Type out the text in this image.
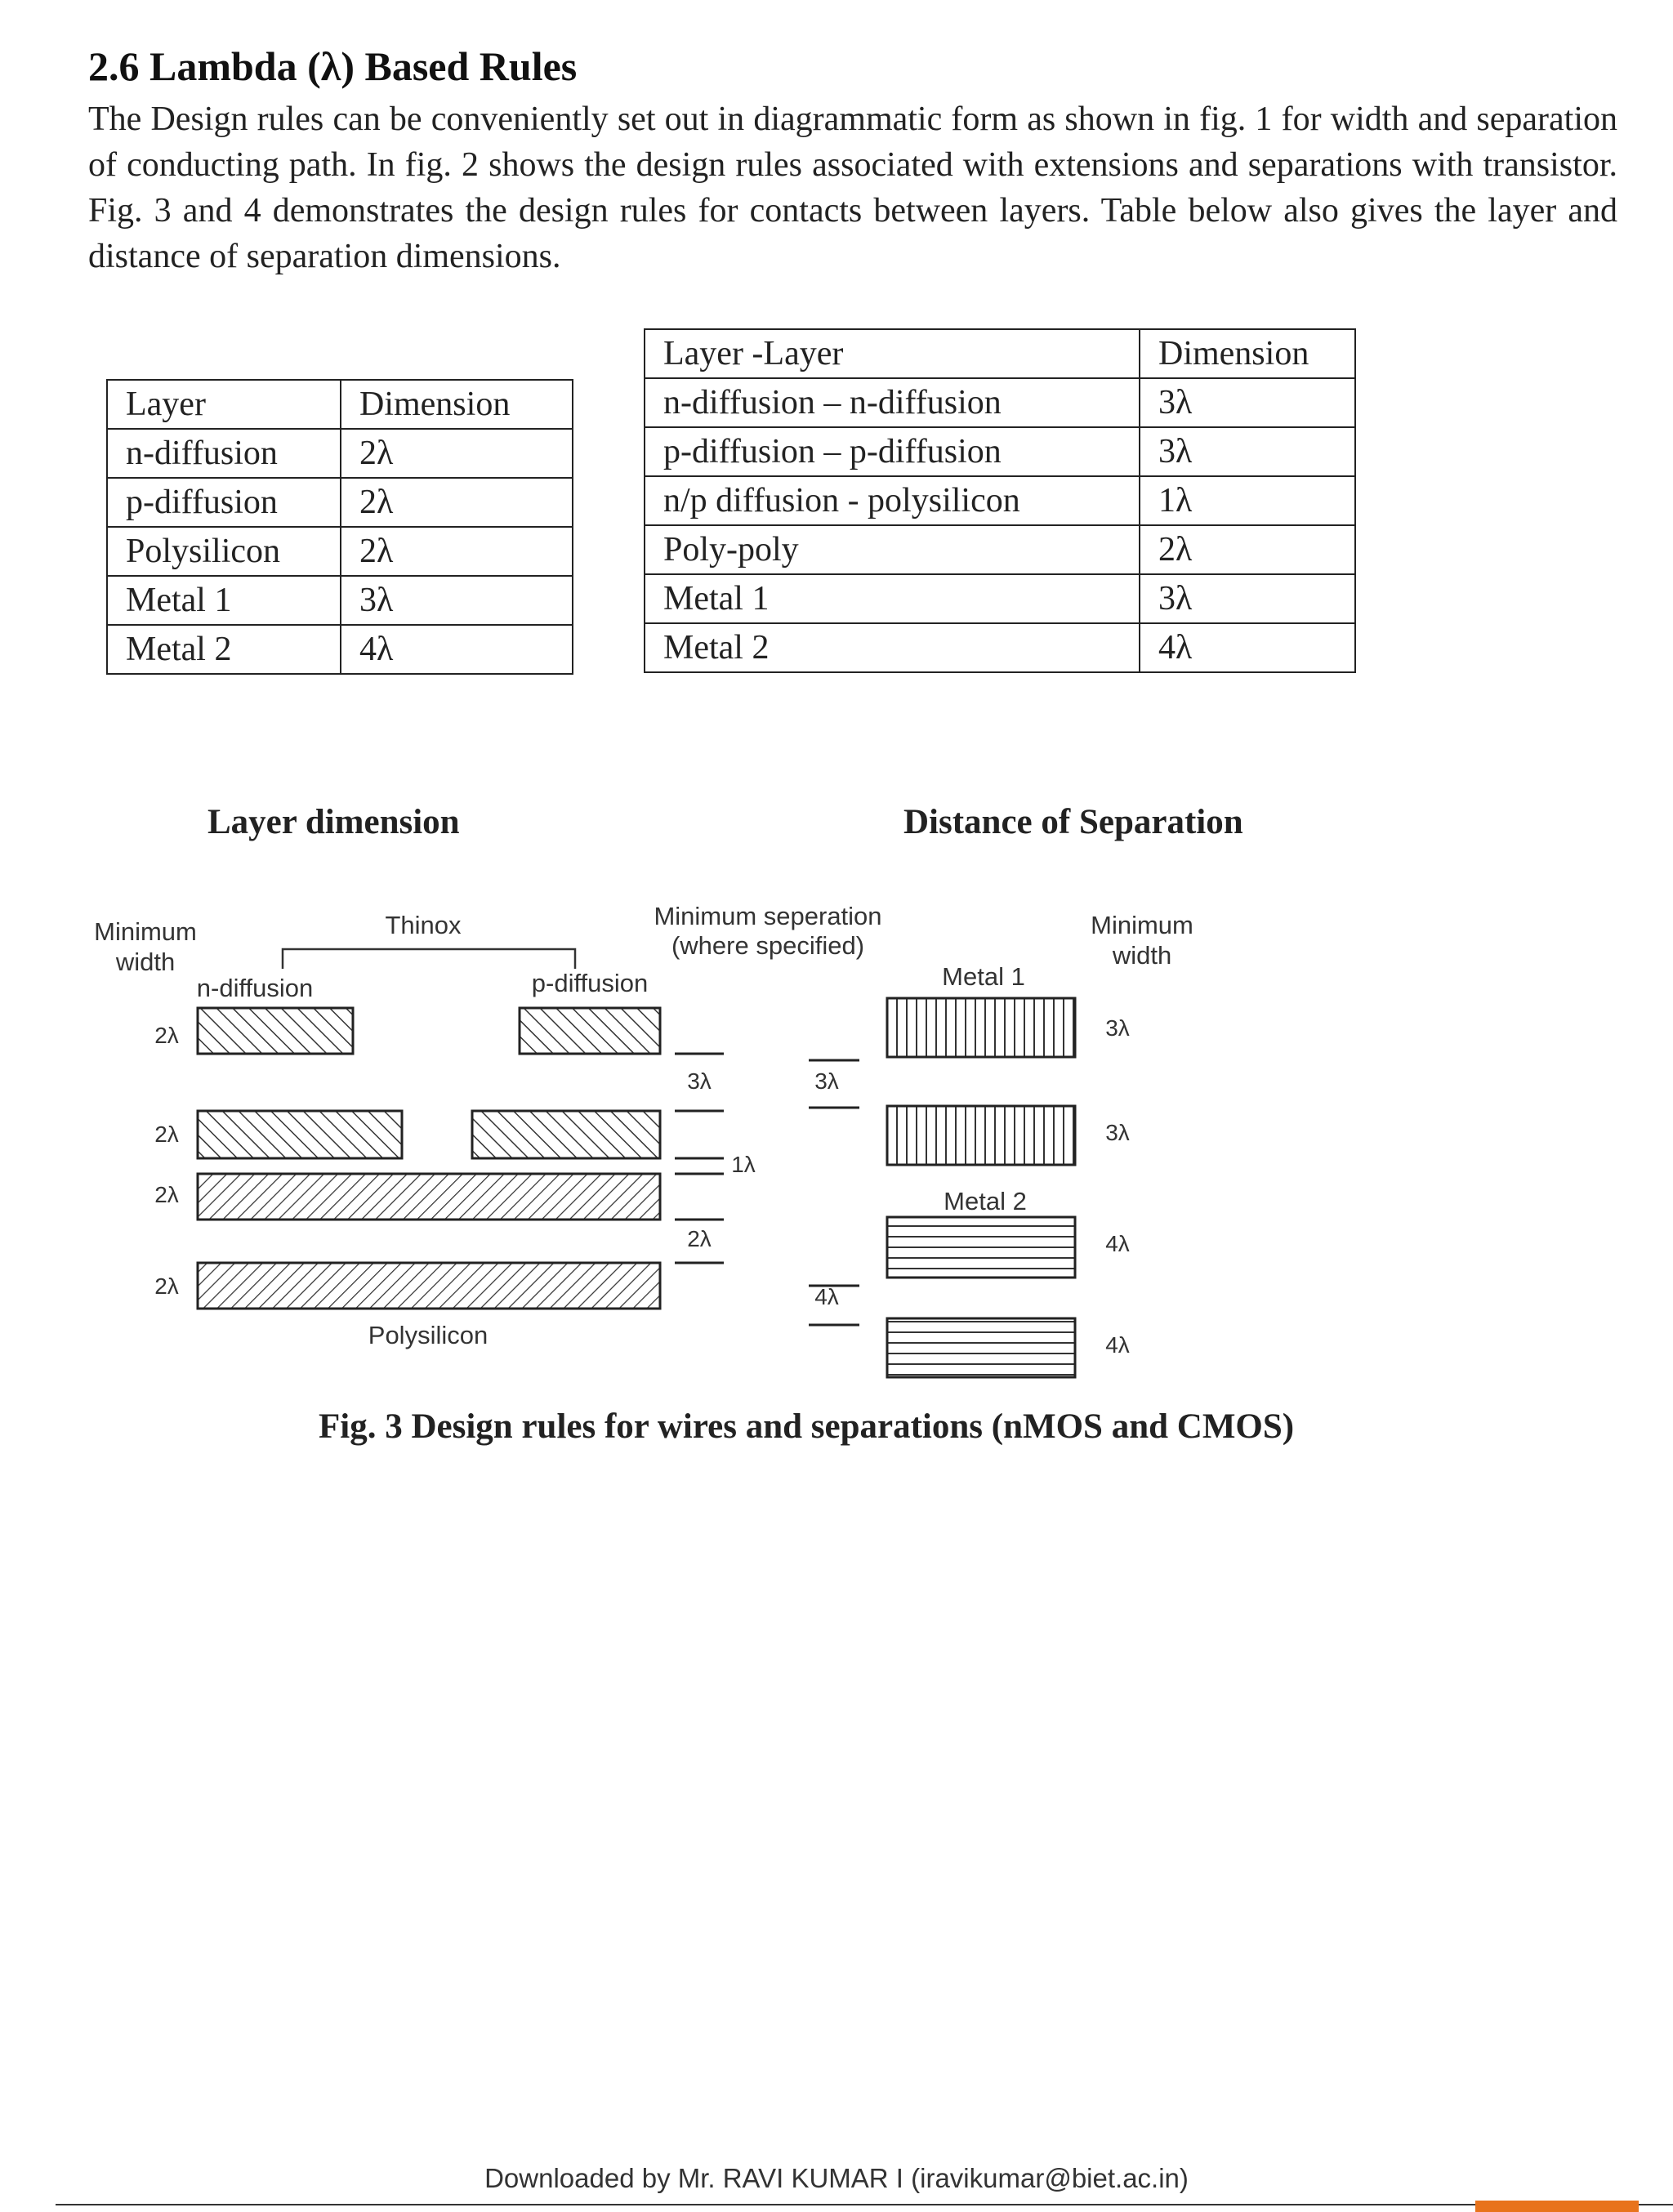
2.6 Lambda (λ) Based Rules

The Design rules can be conveniently set out in diagrammatic form as shown in fig. 1 for width and separation of conducting path. In fig. 2 shows the design rules associated with extensions and separations with transistor. Fig. 3 and 4 demonstrates the design rules for contacts between layers. Table below also gives the layer and distance of separation dimensions.

Layer	Dimension
n-diffusion	2λ
p-diffusion	2λ
Polysilicon	2λ
Metal 1	3λ
Metal 2	4λ
Layer -Layer	Dimension
n-diffusion – n-diffusion	3λ
p-diffusion – p-diffusion	3λ
n/p diffusion - polysilicon	1λ
Poly-poly	2λ
Metal 1	3λ
Metal 2	4λ

Layer dimension	Distance of Separation

Minimum
width
Thinox
n-diffusion	p-diffusion
Polysilicon
2λ
2λ
2λ
2λ
Minimum seperation
(where specified)
3λ	3λ
1λ
2λ
4λ
Minimum
width
Metal 1
Metal 2
3λ
3λ
4λ
4λ

Fig. 3 Design rules for wires and separations (nMOS and CMOS)

Downloaded by Mr. RAVI KUMAR I (iravikumar@biet.ac.in)
